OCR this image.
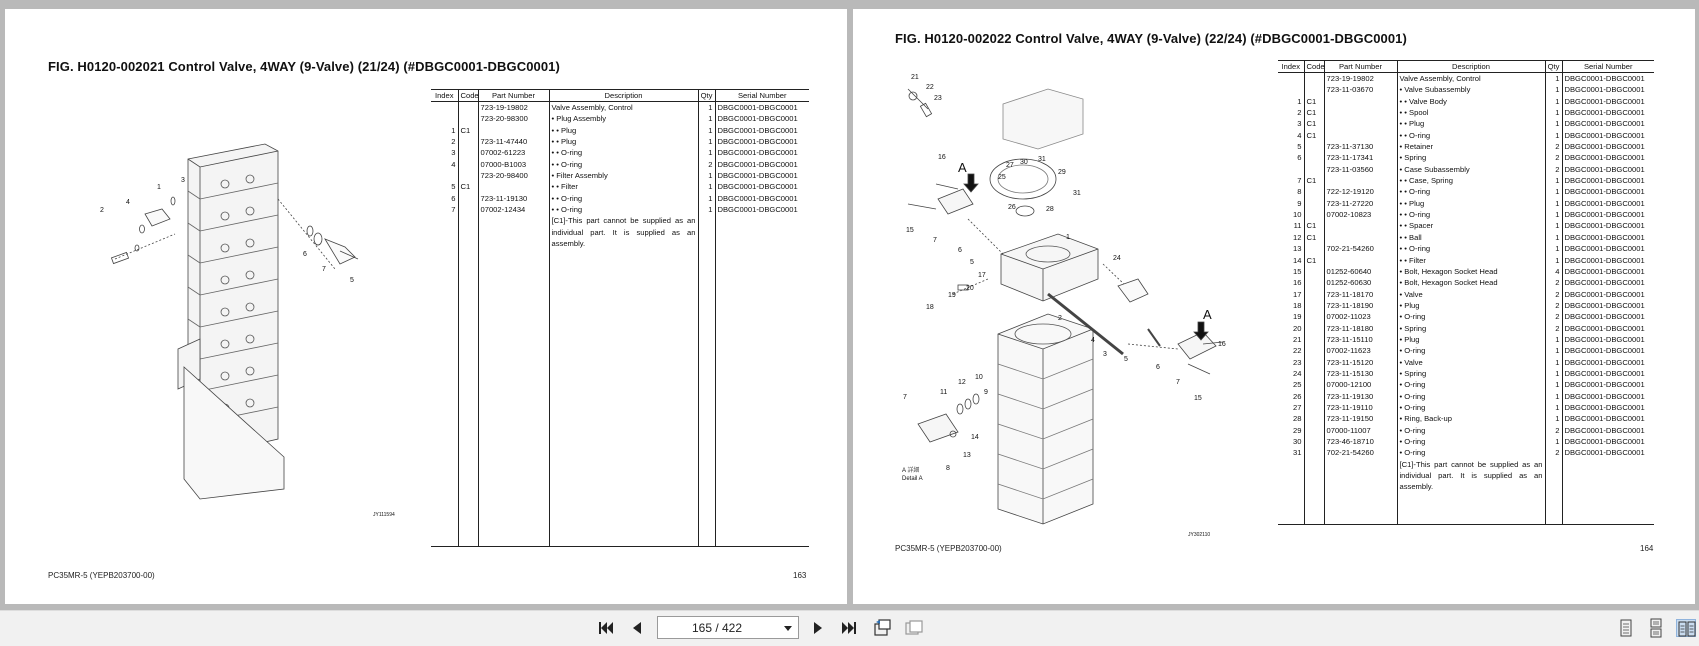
FIG. H0120-002021 Control Valve, 4WAY (9-Valve) (21/24) (#DBGC0001-DBGC0001)
2
4
1
3
6
7
5
JY111594
Index	Code	Part Number	Description	Qty	Serial Number
		723-19-19802	Valve Assembly, Control	1	DBGC0001-DBGC0001
		723-20-98300	• Plug Assembly	1	DBGC0001-DBGC0001
1	C1		• • Plug	1	DBGC0001-DBGC0001
2		723-11-47440	• • Plug	1	DBGC0001-DBGC0001
3		07002-61223	• • O-ring	1	DBGC0001-DBGC0001
4		07000-B1003	• • O-ring	2	DBGC0001-DBGC0001
		723-20-98400	• Filter Assembly	1	DBGC0001-DBGC0001
5	C1		• • Filter	1	DBGC0001-DBGC0001
6		723-11-19130	• • O-ring	1	DBGC0001-DBGC0001
7		07002-12434	• • O-ring	1	DBGC0001-DBGC0001
			[C1]-This part cannot be supplied as an individual part. It is supplied as an assembly.		
PC35MR-5 (YEPB203700-00)	163
FIG. H0120-002022 Control Valve, 4WAY (9-Valve) (22/24) (#DBGC0001-DBGC0001)
21
22
23
16
A
15
7
6
5
25
27 30 31
29
31
26	28
1
17
20
19
18
24
2
4
3
5
6
7
A
16
15
10
12
9
11
7
14
13
8
A 詳細
Detail A
JY302110
Index	Code	Part Number	Description	Qty	Serial Number
		723-19-19802	Valve Assembly, Control	1	DBGC0001-DBGC0001
		723-11-03670	• Valve Subassembly	1	DBGC0001-DBGC0001
1	C1		• • Valve Body	1	DBGC0001-DBGC0001
2	C1		• • Spool	1	DBGC0001-DBGC0001
3	C1		• • Plug	1	DBGC0001-DBGC0001
4	C1		• • O-ring	1	DBGC0001-DBGC0001
5		723-11-37130	• Retainer	2	DBGC0001-DBGC0001
6		723-11-17341	• Spring	2	DBGC0001-DBGC0001
		723-11-03560	• Case Subassembly	2	DBGC0001-DBGC0001
7	C1		• • Case, Spring	1	DBGC0001-DBGC0001
8		722-12-19120	• • O-ring	1	DBGC0001-DBGC0001
9		723-11-27220	• • Plug	1	DBGC0001-DBGC0001
10		07002-10823	• • O-ring	1	DBGC0001-DBGC0001
11	C1		• • Spacer	1	DBGC0001-DBGC0001
12	C1		• • Ball	1	DBGC0001-DBGC0001
13		702-21-54260	• • O-ring	1	DBGC0001-DBGC0001
14	C1		• • Filter	1	DBGC0001-DBGC0001
15		01252-60640	• Bolt, Hexagon Socket Head	4	DBGC0001-DBGC0001
16		01252-60630	• Bolt, Hexagon Socket Head	2	DBGC0001-DBGC0001
17		723-11-18170	• Valve	2	DBGC0001-DBGC0001
18		723-11-18190	• Plug	2	DBGC0001-DBGC0001
19		07002-11023	• O-ring	2	DBGC0001-DBGC0001
20		723-11-18180	• Spring	2	DBGC0001-DBGC0001
21		723-11-15110	• Plug	1	DBGC0001-DBGC0001
22		07002-11623	• O-ring	1	DBGC0001-DBGC0001
23		723-11-15120	• Valve	1	DBGC0001-DBGC0001
24		723-11-15130	• Spring	1	DBGC0001-DBGC0001
25		07000-12100	• O-ring	1	DBGC0001-DBGC0001
26		723-11-19130	• O-ring	1	DBGC0001-DBGC0001
27		723-11-19110	• O-ring	1	DBGC0001-DBGC0001
28		723-11-19150	• Ring, Back-up	1	DBGC0001-DBGC0001
29		07000-11007	• O-ring	2	DBGC0001-DBGC0001
30		723-46-18710	• O-ring	1	DBGC0001-DBGC0001
31		702-21-54260	• O-ring	2	DBGC0001-DBGC0001
			[C1]-This part cannot be supplied as an individual part. It is supplied as an assembly.		
PC35MR-5 (YEPB203700-00)	164
165 / 422
